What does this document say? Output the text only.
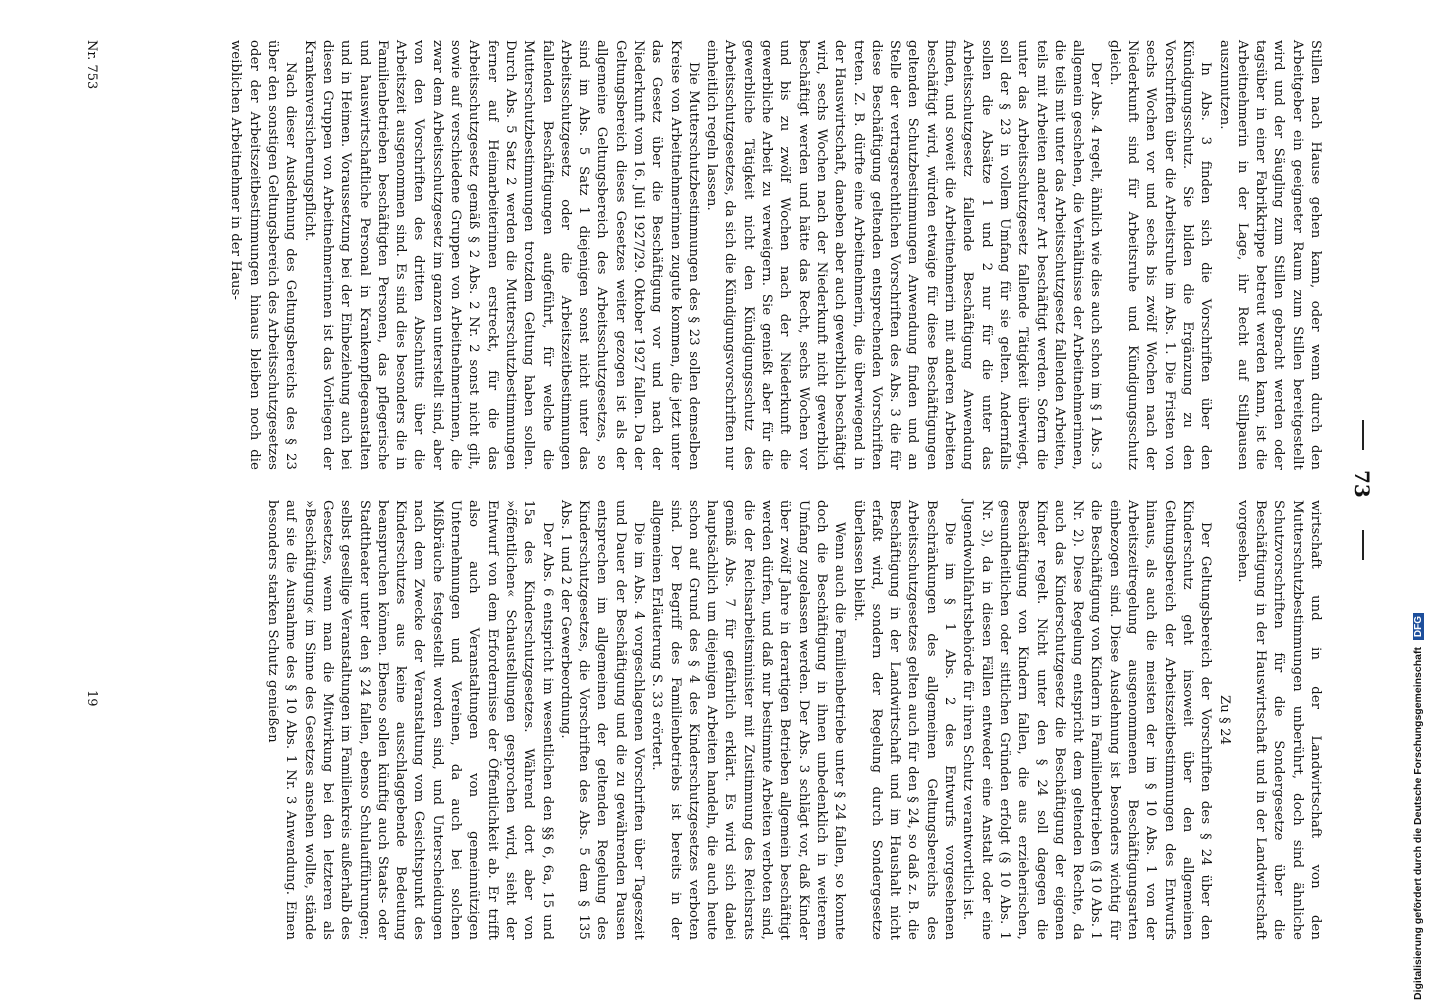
73

Stillen nach Hause gehen kann, oder wenn durch den Arbeitgeber ein geeigneter Raum zum Stillen bereitgestellt wird und der Säugling zum Stillen gebracht werden oder tagsüber in einer Fabrikkrippe betreut werden kann, ist die Arbeitnehmerin in der Lage, ihr Recht auf Stillpausen auszunutzen.

In Abs. 3 finden sich die Vorschriften über den Kündigungsschutz. Sie bilden die Ergänzung zu den Vorschriften über die Arbeitsruhe im Abs. 1. Die Fristen von sechs Wochen vor und sechs bis zwölf Wochen nach der Niederkunft sind für Arbeitsruhe und Kündigungsschutz gleich.

Der Abs. 4 regelt, ähnlich wie dies auch schon im § 1 Abs. 3 allgemein geschehen, die Verhältnisse der Arbeitnehmerinnen, die teils mit unter das Arbeitsschutzgesetz fallenden Arbeiten, teils mit Arbeiten anderer Art beschäftigt werden. Sofern die unter das Arbeitsschutzgesetz fallende Tätigkeit überwiegt, soll der § 23 in vollem Umfang für sie gelten. Andernfalls sollen die Absätze 1 und 2 nur für die unter das Arbeitsschutzgesetz fallende Beschäftigung Anwendung finden, und soweit die Arbeitnehmerin mit anderen Arbeiten beschäftigt wird, würden etwaige für diese Beschäftigungen geltenden Schutzbestimmungen Anwendung finden und an Stelle der vertragsrechtlichen Vorschriften des Abs. 3 die für diese Beschäftigung geltenden entsprechenden Vorschriften treten. Z. B. dürfte eine Arbeitnehmerin, die überwiegend in der Hauswirtschaft, daneben aber auch gewerblich beschäftigt wird, sechs Wochen nach der Niederkunft nicht gewerblich beschäftigt werden und hätte das Recht, sechs Wochen vor und bis zu zwölf Wochen nach der Niederkunft die gewerbliche Arbeit zu verweigern. Sie genießt aber für die gewerbliche Tätigkeit nicht den Kündigungsschutz des Arbeitsschutzgesetzes, da sich die Kündigungsvorschriften nur einheitlich regeln lassen.

Die Mutterschutzbestimmungen des § 23 sollen demselben Kreise von Arbeitnehmerinnen zugute kommen, die jetzt unter das Gesetz über die Beschäftigung vor und nach der Niederkunft vom 16. Juli 1927/29. Oktober 1927 fallen. Da der Geltungsbereich dieses Gesetzes weiter gezogen ist als der allgemeine Geltungsbereich des Arbeitsschutzgesetzes, so sind im Abs. 5 Satz 1 diejenigen sonst nicht unter das Arbeitsschutzgesetz oder die Arbeitszeitbestimmungen fallenden Beschäftigungen aufgeführt, für welche die Mutterschutzbestimmungen trotzdem Geltung haben sollen. Durch Abs. 5 Satz 2 werden die Mutterschutzbestimmungen ferner auf Heimarbeiterinnen erstreckt, für die das Arbeitsschutzgesetz gemäß § 2 Abs. 2 Nr. 2 sonst nicht gilt, sowie auf verschiedene Gruppen von Arbeitnehmerinnen, die zwar dem Arbeitsschutzgesetz im ganzen unterstellt sind, aber von den Vorschriften des dritten Abschnitts über die Arbeitszeit ausgenommen sind. Es sind dies besonders die in Familienbetrieben beschäftigten Personen, das pflegerische und hauswirtschaftliche Personal in Krankenpflegeanstalten und in Heimen. Voraussetzung bei der Einbeziehung auch bei diesen Gruppen von Arbeitnehmerinnen ist das Vorliegen der Krankenversicherungspflicht.

Nach dieser Ausdehnung des Geltungsbereichs des § 23 über den sonstigen Geltungsbereich des Arbeitsschutzgesetzes oder der Arbeitszeitbestimmungen hinaus bleiben noch die weiblichen Arbeitnehmer in der Haus-

wirtschaft und in der Landwirtschaft von den Mutterschutzbestimmungen unberührt, doch sind ähnliche Schutzvorschriften für die Sondergesetze über die Beschäftigung in der Hauswirtschaft und in der Landwirtschaft vorgesehen.

Zu § 24

Der Geltungsbereich der Vorschriften des § 24 über den Kinderschutz geht insoweit über den allgemeinen Geltungsbereich der Arbeitszeitbestimmungen des Entwurfs hinaus, als auch die meisten der im § 10 Abs. 1 von der Arbeitszeitregelung ausgenommenen Beschäftigungsarten einbezogen sind. Diese Ausdehnung ist besonders wichtig für die Beschäftigung von Kindern in Familienbetrieben (§ 10 Abs. 1 Nr. 2). Diese Regelung entspricht dem geltenden Rechte, da auch das Kinderschutzgesetz die Beschäftigung der eigenen Kinder regelt. Nicht unter den § 24 soll dagegen die Beschäftigung von Kindern fallen, die aus erzieherischen, gesundheitlichen oder sittlichen Gründen erfolgt (§ 10 Abs. 1 Nr. 3), da in diesen Fällen entweder eine Anstalt oder eine Jugendwohlfahrtsbehörde für ihren Schutz verantwortlich ist.

Die im § 1 Abs. 2 des Entwurfs vorgesehenen Beschränkungen des allgemeinen Geltungsbereichs des Arbeitsschutzgesetzes gelten auch für den § 24, so daß z. B. die Beschäftigung in der Landwirtschaft und im Haushalt nicht erfaßt wird, sondern der Regelung durch Sondergesetze überlassen bleibt.

Wenn auch die Familienbetriebe unter § 24 fallen, so konnte doch die Beschäftigung in ihnen unbedenklich in weiterem Umfang zugelassen werden. Der Abs. 3 schlägt vor, daß Kinder über zwölf Jahre in derartigen Betrieben allgemein beschäftigt werden dürfen, und daß nur bestimmte Arbeiten verboten sind, die der Reichsarbeitsminister mit Zustimmung des Reichsrats gemäß Abs. 7 für gefährlich erklärt. Es wird sich dabei hauptsächlich um diejenigen Arbeiten handeln, die auch heute schon auf Grund des § 4 des Kinderschutzgesetzes verboten sind. Der Begriff des Familienbetriebs ist bereits in der allgemeinen Erläuterung S. 33 erörtert.

Die im Abs. 4 vorgeschlagenen Vorschriften über Tageszeit und Dauer der Beschäftigung und die zu gewährenden Pausen entsprechen im allgemeinen der geltenden Regelung des Kinderschutzgesetzes, die Vorschriften des Abs. 5 dem § 135 Abs. 1 und 2 der Gewerbeordnung.

Der Abs. 6 entspricht im wesentlichen den §§ 6, 6a, 15 und 15a des Kinderschutzgesetzes. Während dort aber von »öffentlichen« Schaustellungen gesprochen wird, sieht der Entwurf von dem Erfordernisse der Öffentlichkeit ab. Er trifft also auch Veranstaltungen von gemeinnützigen Unternehmungen und Vereinen, da auch bei solchen Mißbräuche festgestellt worden sind, und Unterscheidungen nach dem Zwecke der Veranstaltung vom Gesichtspunkt des Kinderschutzes aus keine ausschlaggebende Bedeutung beanspruchen können. Ebenso sollen künftig auch Staats- oder Stadttheater unter den § 24 fallen, ebenso Schulaufführungen; selbst gesellige Veranstaltungen im Familienkreis außerhalb des Gesetzes, wenn man die Mitwirkung bei den letzteren als »Beschäftigung« im Sinne des Gesetzes ansehen wollte, stände auf sie die Ausnahme des § 10 Abs. 1 Nr. 3 Anwendung. Einen besonders starken Schutz genießen

Nr. 753
19	Digitalisierung gefördert durch die Deutsche Forschungsgemeinschaft DFG
